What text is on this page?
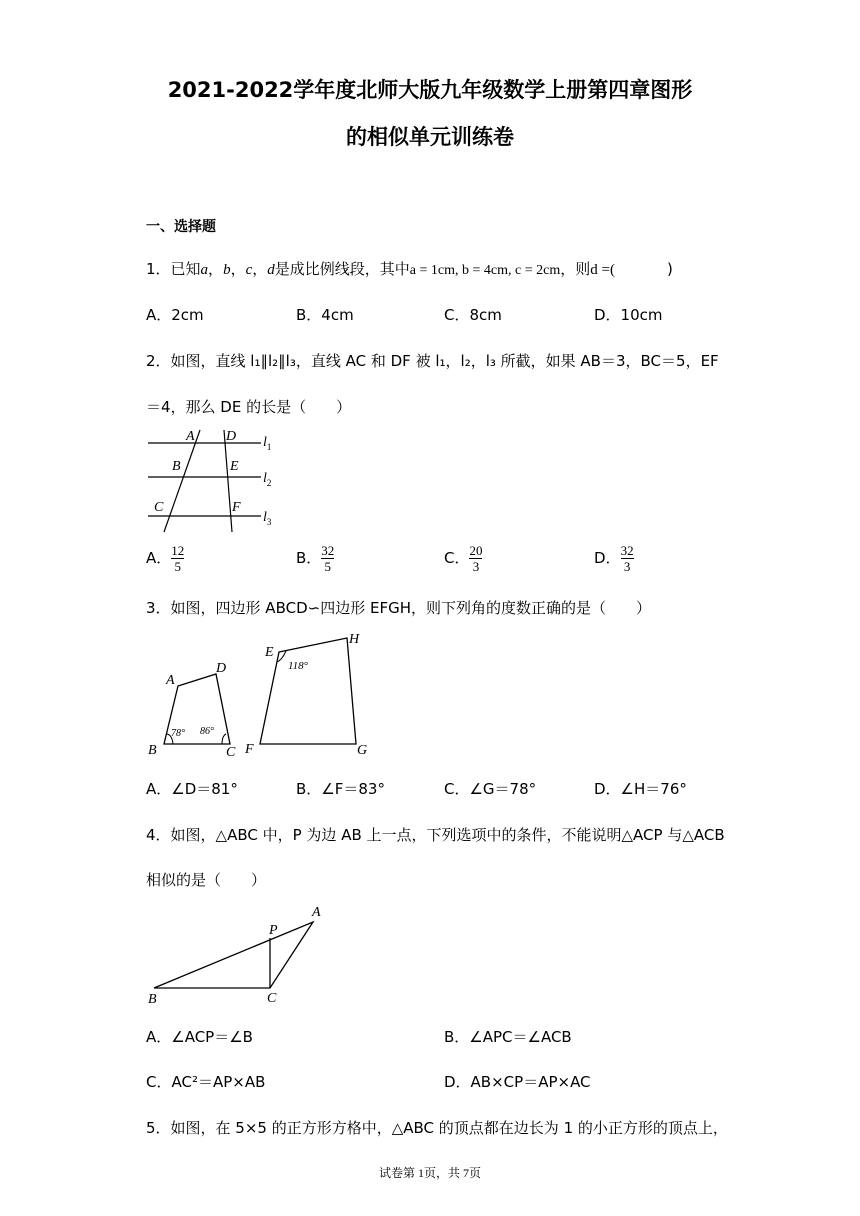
2021-2022学年度北师大版九年级数学上册第四章图形
的相似单元训练卷
一、选择题
1．已知a，b，c，d是成比例线段，其中a = 1cm, b = 4cm, c = 2cm，则d =(	)
A．2cm	B．4cm	C．8cm	D．10cm
2．如图，直线 l₁∥l₂∥l₃，直线 AC 和 DF 被 l₁，l₂，l₃ 所截，如果 AB＝3，BC＝5，EF
＝4，那么 DE 的长是（　　）
A D
B	E
C	F
$l_1$
$l_2$
$l_3$
A． $\frac{12}{5}$	B． $\frac{32}{5}$	C． $\frac{20}{3}$	D． $\frac{32}{3}$
3．如图，四边形 ABCD∽四边形 EFGH，则下列角的度数正确的是（　　）
A
D
B	C
E
H
F	G
78° 86°
118°
A．∠D＝81°	B．∠F＝83°	C．∠G＝78°	D．∠H＝76°
4．如图，△ABC 中，P 为边 AB 上一点，下列选项中的条件，不能说明△ACP 与△ACB
相似的是（　　）
A
P
B	C
A．∠ACP＝∠B	B．∠APC＝∠ACB
C．AC²＝AP×AB	D．AB×CP＝AP×AC
5．如图，在 5×5 的正方形方格中，△ABC 的顶点都在边长为 1 的小正方形的顶点上，
试卷第 1页，共 7页
